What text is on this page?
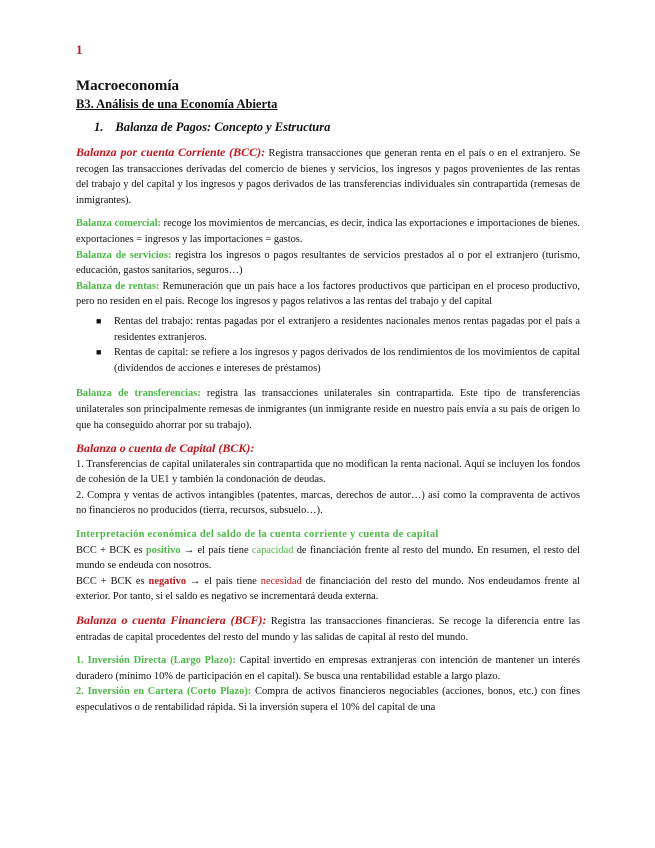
1
Macroeconomía
B3. Análisis de una Economía Abierta
1. Balanza de Pagos: Concepto y Estructura

Balanza por cuenta Corriente (BCC): Registra transacciones que generan renta en el país o en el extranjero. Se recogen las transacciones derivadas del comercio de bienes y servicios, los ingresos y pagos provenientes de las rentas del trabajo y del capital y los ingresos y pagos derivados de las transferencias individuales sin contrapartida (remesas de inmigrantes).

Balanza comercial: recoge los movimientos de mercancías, es decir, indica las exportaciones e importaciones de bienes. exportaciones = ingresos y las importaciones = gastos.

Balanza de servicios: registra los ingresos o pagos resultantes de servicios prestados al o por el extranjero (turismo, educación, gastos sanitarios, seguros…)

Balanza de rentas: Remuneración que un país hace a los factores productivos que participan en el proceso productivo, pero no residen en el país. Recoge los ingresos y pagos relativos a las rentas del trabajo y del capital

■ Rentas del trabajo: rentas pagadas por el extranjero a residentes nacionales menos rentas pagadas por el país a residentes extranjeros.
■ Rentas de capital: se refiere a los ingresos y pagos derivados de los rendimientos de los movimientos de capital (dividendos de acciones e intereses de préstamos)

Balanza de transferencias: registra las transacciones unilaterales sin contrapartida. Este tipo de transferencias unilaterales son principalmente remesas de inmigrantes (un inmigrante reside en nuestro país envía a su país de origen lo que ha conseguido ahorrar por su trabajo).

Balanza o cuenta de Capital (BCK):

1. Transferencias de capital unilaterales sin contrapartida que no modifican la renta nacional. Aquí se incluyen los fondos de cohesión de la UE1 y también la condonación de deudas.

2. Compra y ventas de activos intangibles (patentes, marcas, derechos de autor…) así como la compraventa de activos no financieros no producidos (tierra, recursos, subsuelo…).

Interpretación económica del saldo de la cuenta corriente y cuenta de capital

BCC + BCK es positivo → el país tiene capacidad de financiación frente al resto del mundo. En resumen, el resto del mundo se endeuda con nosotros.

BCC + BCK es negativo → el país tiene necesidad de financiación del resto del mundo. Nos endeudamos frente al exterior. Por tanto, si el saldo es negativo se incrementará deuda externa.

Balanza o cuenta Financiera (BCF): Registra las transacciones financieras. Se recoge la diferencia entre las entradas de capital procedentes del resto del mundo y las salidas de capital al resto del mundo.

1. Inversión Directa (Largo Plazo): Capital invertido en empresas extranjeras con intención de mantener un interés duradero (mínimo 10% de participación en el capital). Se busca una rentabilidad estable a largo plazo.

2. Inversión en Cartera (Corto Plazo): Compra de activos financieros negociables (acciones, bonos, etc.) con fines especulativos o de rentabilidad rápida. Si la inversión supera el 10% del capital de una
